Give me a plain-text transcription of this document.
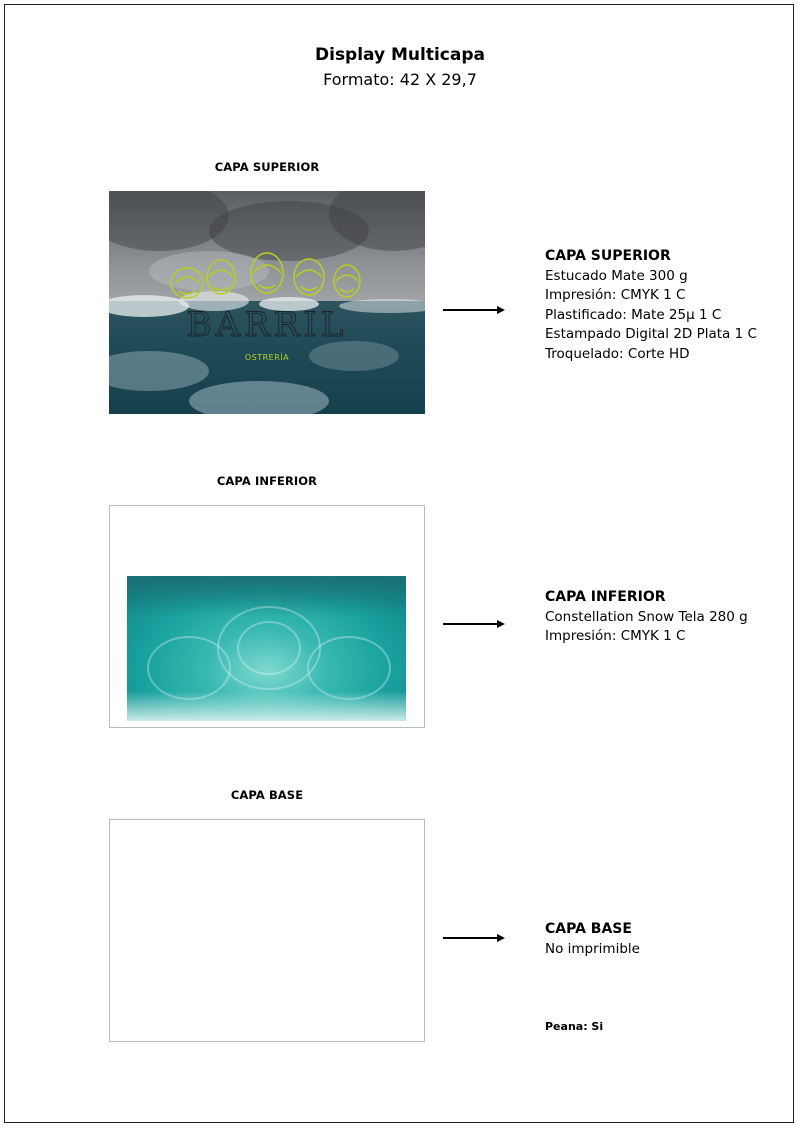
Display Multicapa
Formato: 42 X 29,7
CAPA SUPERIOR
BARRIL
OSTRERÍA
CAPA SUPERIOR
Estucado Mate 300 g
Impresión: CMYK 1 C
Plastificado: Mate 25µ 1 C
Estampado Digital 2D Plata 1 C
Troquelado: Corte HD
CAPA INFERIOR
CAPA INFERIOR
Constellation Snow Tela 280 g
Impresión: CMYK 1 C
CAPA BASE
CAPA BASE
No imprimible
Peana: Si
